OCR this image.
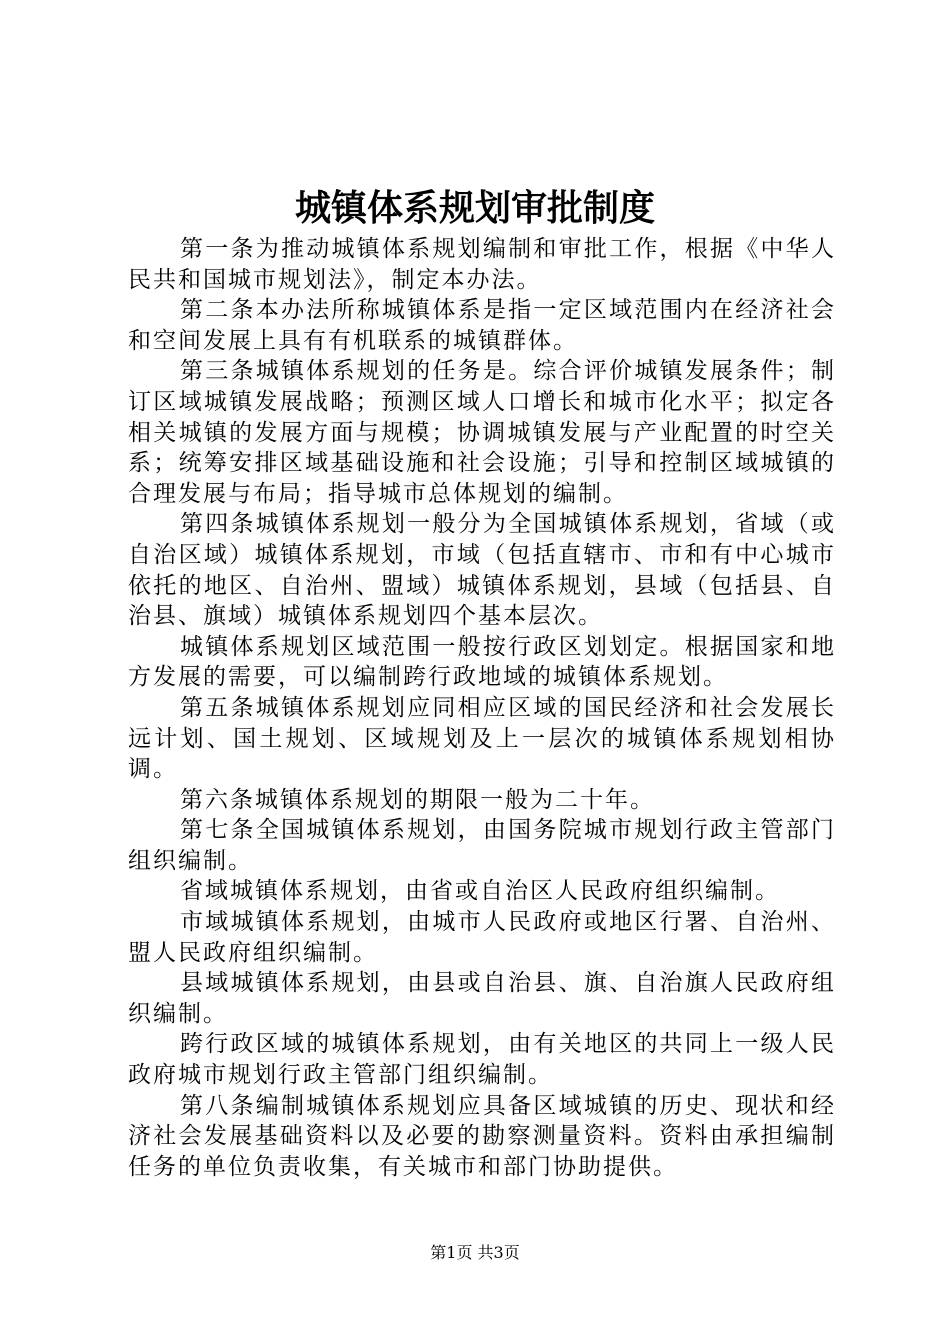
城镇体系规划审批制度

第一条为推动城镇体系规划编制和审批工作，根据《中华人民共和国城市规划法》，制定本办法。

第二条本办法所称城镇体系是指一定区域范围内在经济社会和空间发展上具有有机联系的城镇群体。

第三条城镇体系规划的任务是。综合评价城镇发展条件；制订区域城镇发展战略；预测区域人口增长和城市化水平；拟定各相关城镇的发展方面与规模；协调城镇发展与产业配置的时空关系；统筹安排区域基础设施和社会设施；引导和控制区域城镇的合理发展与布局；指导城市总体规划的编制。

第四条城镇体系规划一般分为全国城镇体系规划，省域（或自治区域）城镇体系规划，市域（包括直辖市、市和有中心城市依托的地区、自治州、盟域）城镇体系规划，县域（包括县、自治县、旗域）城镇体系规划四个基本层次。

城镇体系规划区域范围一般按行政区划划定。根据国家和地方发展的需要，可以编制跨行政地域的城镇体系规划。

第五条城镇体系规划应同相应区域的国民经济和社会发展长远计划、国土规划、区域规划及上一层次的城镇体系规划相协调。

第六条城镇体系规划的期限一般为二十年。

第七条全国城镇体系规划，由国务院城市规划行政主管部门组织编制。

省域城镇体系规划，由省或自治区人民政府组织编制。

市域城镇体系规划，由城市人民政府或地区行署、自治州、盟人民政府组织编制。

县域城镇体系规划，由县或自治县、旗、自治旗人民政府组织编制。

跨行政区域的城镇体系规划，由有关地区的共同上一级人民政府城市规划行政主管部门组织编制。

第八条编制城镇体系规划应具备区域城镇的历史、现状和经济社会发展基础资料以及必要的勘察测量资料。资料由承担编制任务的单位负责收集，有关城市和部门协助提供。

第1页 共3页
